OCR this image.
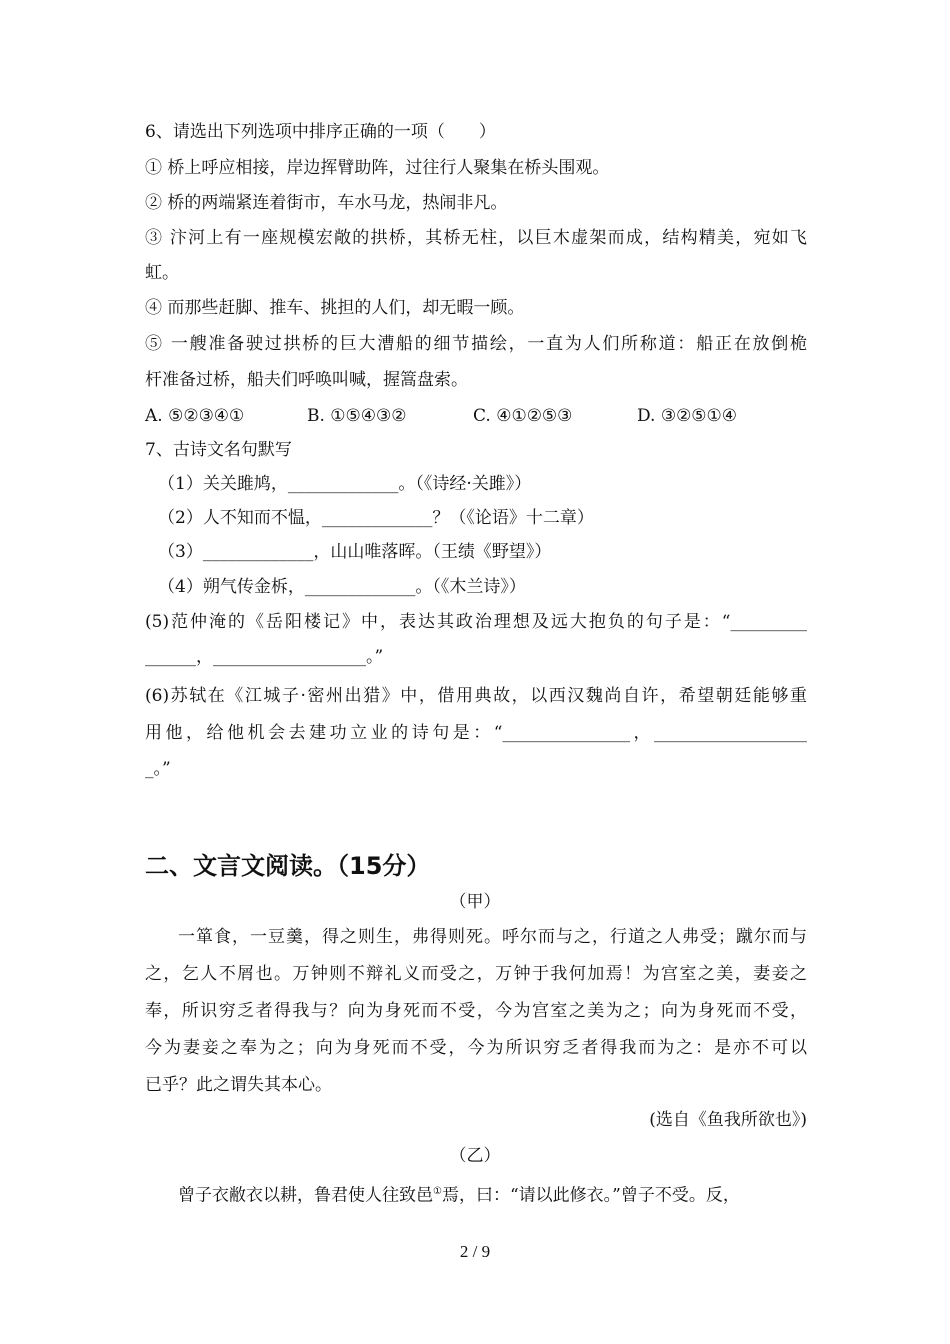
6、请选出下列选项中排序正确的一项（　　）
① 桥上呼应相接，岸边挥臂助阵，过往行人聚集在桥头围观。
② 桥的两端紧连着街市，车水马龙，热闹非凡。
③ 汴河上有一座规模宏敞的拱桥，其桥无柱，以巨木虚架而成，结构精美，宛如飞
虹。
④ 而那些赶脚、推车、挑担的人们，却无暇一顾。
⑤ 一艘准备驶过拱桥的巨大漕船的细节描绘，一直为人们所称道：船正在放倒桅
杆准备过桥，船夫们呼唤叫喊，握篙盘索。
A. ⑤②③④①	B. ①⑤④③②	C. ④①②⑤③	D. ③②⑤①④
7、古诗文名句默写
（1）关关雎鸠，_____________。（《诗经·关雎》）
（2）人不知而不愠，_____________？（《论语》十二章）
（3）_____________，山山唯落晖。（王绩《野望》）
（4）朔气传金柝，_____________。（《木兰诗》）
(5)范仲淹的《岳阳楼记》中，表达其政治理想及远大抱负的句子是：“_________
______，__________________。”
(6)苏轼在《江城子·密州出猎》中，借用典故，以西汉魏尚自许，希望朝廷能够重
用他，给他机会去建功立业的诗句是：“_______________，__________________
_。”
二、文言文阅读。（15分）
（甲）
一箪食，一豆羹，得之则生，弗得则死。呼尔而与之，行道之人弗受；蹴尔而与
之，乞人不屑也。万钟则不辩礼义而受之，万钟于我何加焉！为宫室之美，妻妾之
奉，所识穷乏者得我与？向为身死而不受，今为宫室之美为之；向为身死而不受，
今为妻妾之奉为之；向为身死而不受，今为所识穷乏者得我而为之：是亦不可以
已乎？此之谓失其本心。
(选自《鱼我所欲也》)
（乙）
曾子衣敝衣以耕，鲁君使人往致邑①焉，曰：“请以此修衣。”曾子不受。反，
2 / 9
